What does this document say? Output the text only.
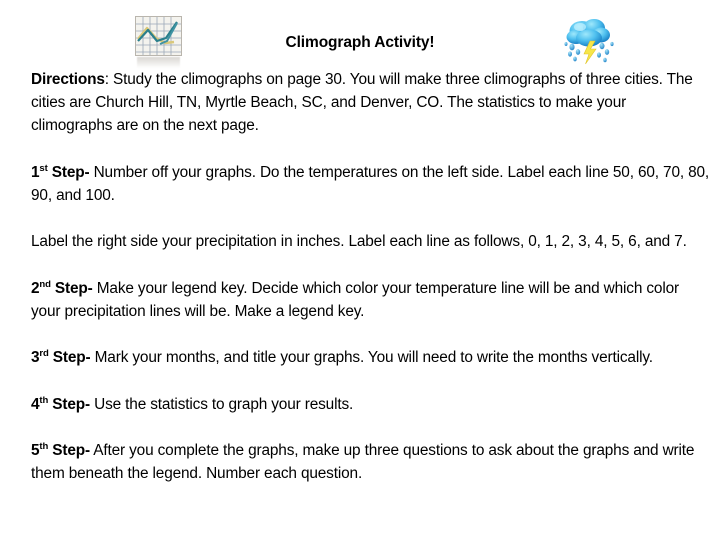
Climograph Activity!

Directions: Study the climographs on page 30. You will make three climographs of three cities. The cities are Church Hill, TN, Myrtle Beach, SC, and Denver, CO. The statistics to make your climographs are on the next page.

1st Step- Number off your graphs. Do the temperatures on the left side. Label each line 50, 60, 70, 80, 90, and 100.

Label the right side your precipitation in inches. Label each line as follows, 0, 1, 2, 3, 4, 5, 6, and 7.

2nd Step- Make your legend key. Decide which color your temperature line will be and which color your precipitation lines will be. Make a legend key.

3rd Step- Mark your months, and title your graphs. You will need to write the months vertically.

4th Step- Use the statistics to graph your results.

5th Step- After you complete the graphs, make up three questions to ask about the graphs and write them beneath the legend. Number each question.
